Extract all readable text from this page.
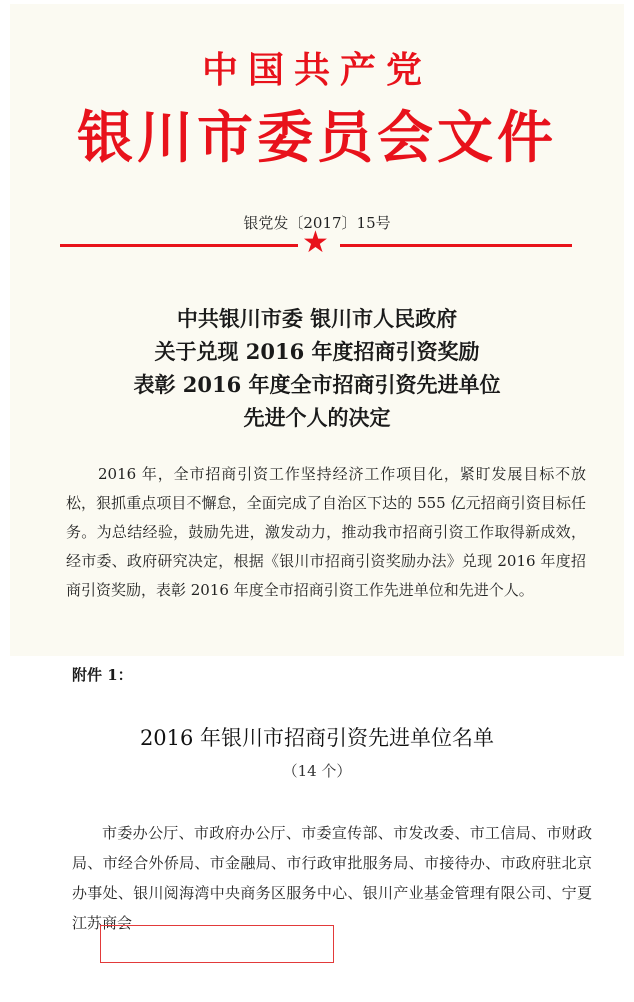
中国共产党
银川市委员会文件
银党发〔2017〕15号
★
中共银川市委 银川市人民政府
关于兑现 2016 年度招商引资奖励
表彰 2016 年度全市招商引资先进单位
先进个人的决定
2016 年，全市招商引资工作坚持经济工作项目化，紧盯发展目标不放松，狠抓重点项目不懈怠，全面完成了自治区下达的 555 亿元招商引资目标任务。为总结经验，鼓励先进，激发动力，推动我市招商引资工作取得新成效，经市委、政府研究决定，根据《银川市招商引资奖励办法》兑现 2016 年度招商引资奖励，表彰 2016 年度全市招商引资工作先进单位和先进个人。
附件 1：
2016 年银川市招商引资先进单位名单
（14 个）
市委办公厅、市政府办公厅、市委宣传部、市发改委、市工信局、市财政局、市经合外侨局、市金融局、市行政审批服务局、市接待办、市政府驻北京办事处、银川阅海湾中央商务区服务中心、银川产业基金管理有限公司、宁夏江苏商会
